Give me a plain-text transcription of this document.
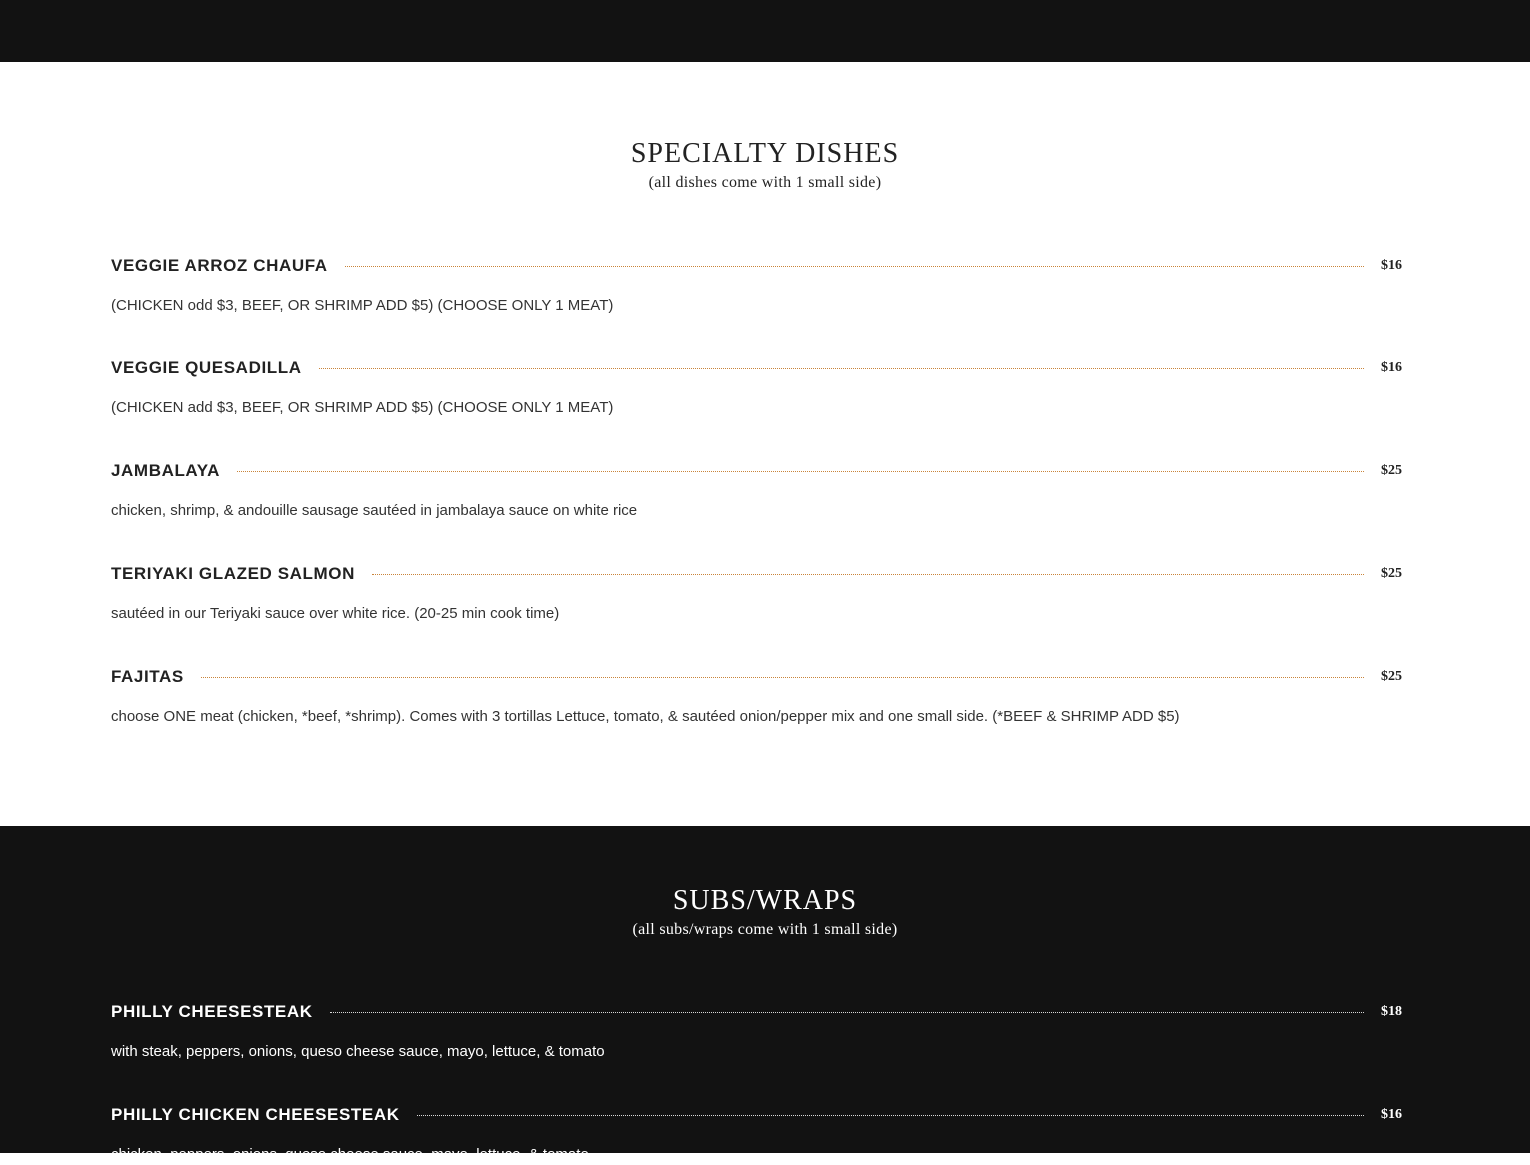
SPECIALTY DISHES
(all dishes come with 1 small side)
VEGGIE ARROZ CHAUFA	$16
(CHICKEN odd $3, BEEF, OR SHRIMP ADD $5) (CHOOSE ONLY 1 MEAT)
VEGGIE QUESADILLA	$16
(CHICKEN add $3, BEEF, OR SHRIMP ADD $5) (CHOOSE ONLY 1 MEAT)
JAMBALAYA	$25
chicken, shrimp, & andouille sausage sautéed in jambalaya sauce on white rice
TERIYAKI GLAZED SALMON	$25
sautéed in our Teriyaki sauce over white rice. (20-25 min cook time)
FAJITAS	$25
choose ONE meat (chicken, *beef, *shrimp). Comes with 3 tortillas Lettuce, tomato, & sautéed onion/pepper mix and one small side. (*BEEF & SHRIMP ADD $5)
SUBS/WRAPS
(all subs/wraps come with 1 small side)
PHILLY CHEESESTEAK	$18
with steak, peppers, onions, queso cheese sauce, mayo, lettuce, & tomato
PHILLY CHICKEN CHEESESTEAK	$16
chicken, peppers, onions, queso cheese sauce, mayo, lettuce, & tomato
